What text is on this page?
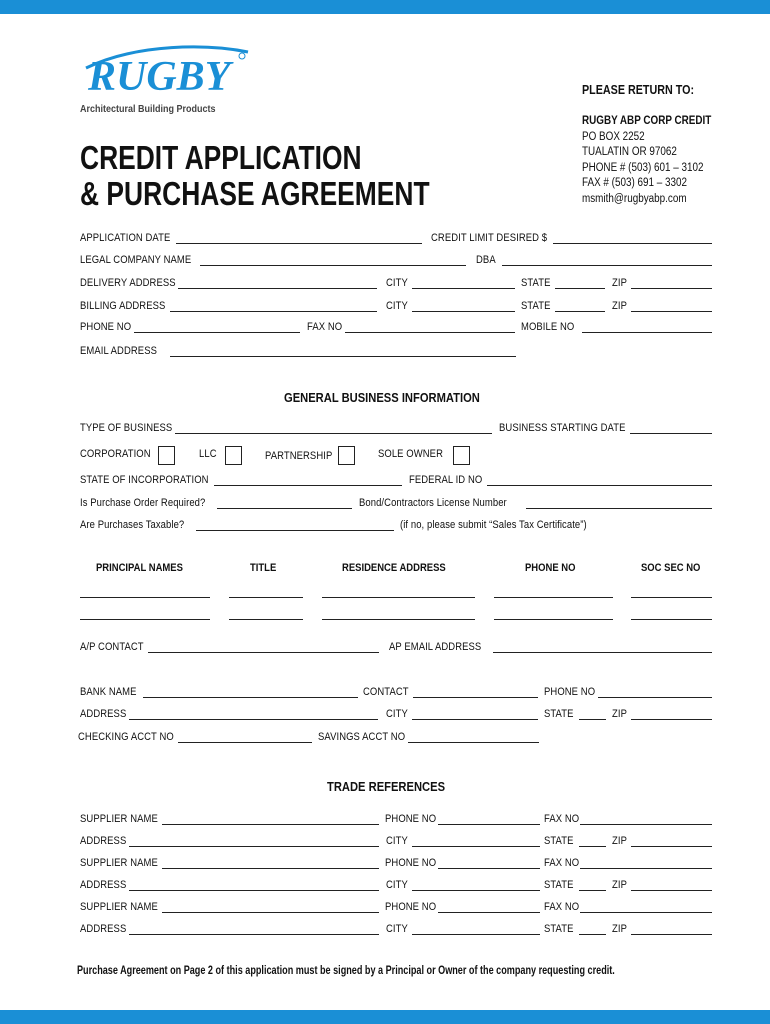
RUGBY
Architectural Building Products
CREDIT APPLICATION
& PURCHASE AGREEMENT
PLEASE RETURN TO:
RUGBY ABP CORP CREDIT
PO BOX 2252
TUALATIN OR 97062
PHONE # (503) 601 – 3102
FAX # (503) 691 – 3302
msmith@rugbyabp.com
APPLICATION DATE	CREDIT LIMIT DESIRED $
LEGAL COMPANY NAME	DBA
DELIVERY ADDRESS	CITY	STATE	ZIP
BILLING ADDRESS	CITY	STATE	ZIP
PHONE NO	FAX NO	MOBILE NO
EMAIL ADDRESS
GENERAL BUSINESS INFORMATION
TYPE OF BUSINESS	BUSINESS STARTING DATE
CORPORATION	LLC	PARTNERSHIP	SOLE OWNER
STATE OF INCORPORATION	FEDERAL ID NO
Is Purchase Order Required?	Bond/Contractors License Number
Are Purchases Taxable?	(if no, please submit “Sales Tax Certificate”)
PRINCIPAL NAMES	TITLE	RESIDENCE ADDRESS	PHONE NO	SOC SEC NO
A/P CONTACT	AP EMAIL ADDRESS
BANK NAME	CONTACT	PHONE NO
ADDRESS	CITY	STATE	ZIP
CHECKING ACCT NO	SAVINGS ACCT NO
TRADE REFERENCES
SUPPLIER NAME	PHONE NO	FAX NO
ADDRESS	CITY	STATE	ZIP
SUPPLIER NAME	PHONE NO	FAX NO
ADDRESS	CITY	STATE	ZIP
SUPPLIER NAME	PHONE NO	FAX NO
ADDRESS	CITY	STATE	ZIP
Purchase Agreement on Page 2 of this application must be signed by a Principal or Owner of the company requesting credit.
